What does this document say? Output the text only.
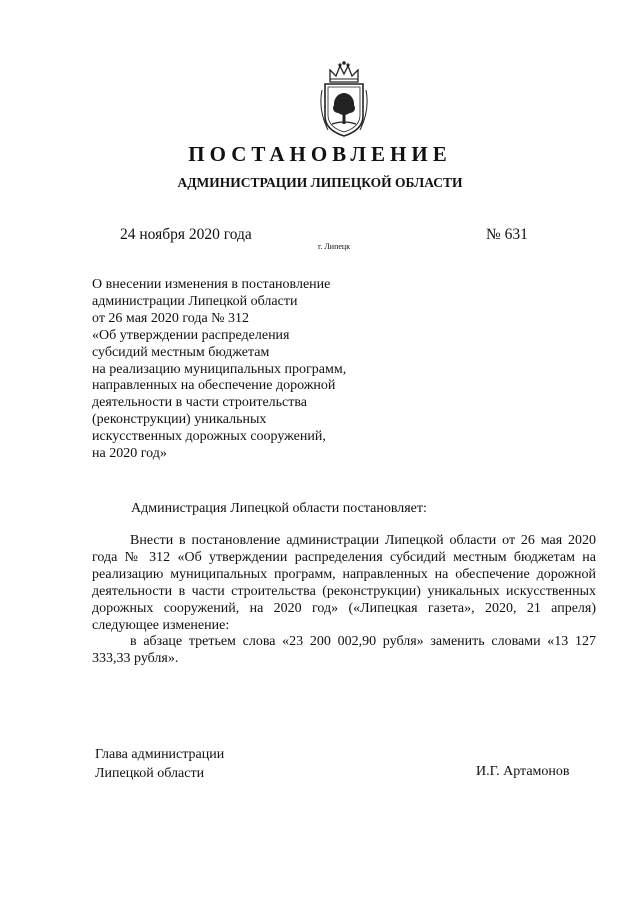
ПОСТАНОВЛЕНИЕ
АДМИНИСТРАЦИИ ЛИПЕЦКОЙ ОБЛАСТИ
24 ноября 2020 года	№ 631
г. Липецк
О внесении изменения в постановление
администрации Липецкой области
от 26 мая 2020 года № 312
«Об утверждении распределения
субсидий местным бюджетам
на реализацию муниципальных программ,
направленных на обеспечение дорожной
деятельности в части строительства
(реконструкции) уникальных
искусственных дорожных сооружений,
на 2020 год»
Администрация Липецкой области постановляет:

Внести в постановление администрации Липецкой области от 26 мая 2020 года № 312 «Об утверждении распределения субсидий местным бюджетам на реализацию муниципальных программ, направленных на обеспечение дорожной деятельности в части строительства (реконструкции) уникальных искусственных дорожных сооружений, на 2020 год» («Липецкая газета», 2020, 21 апреля) следующее изменение:

в абзаце третьем слова «23 200 002,90 рубля» заменить словами «13 127 333,33 рубля».

Глава администрации
Липецкой области	И.Г. Артамонов
